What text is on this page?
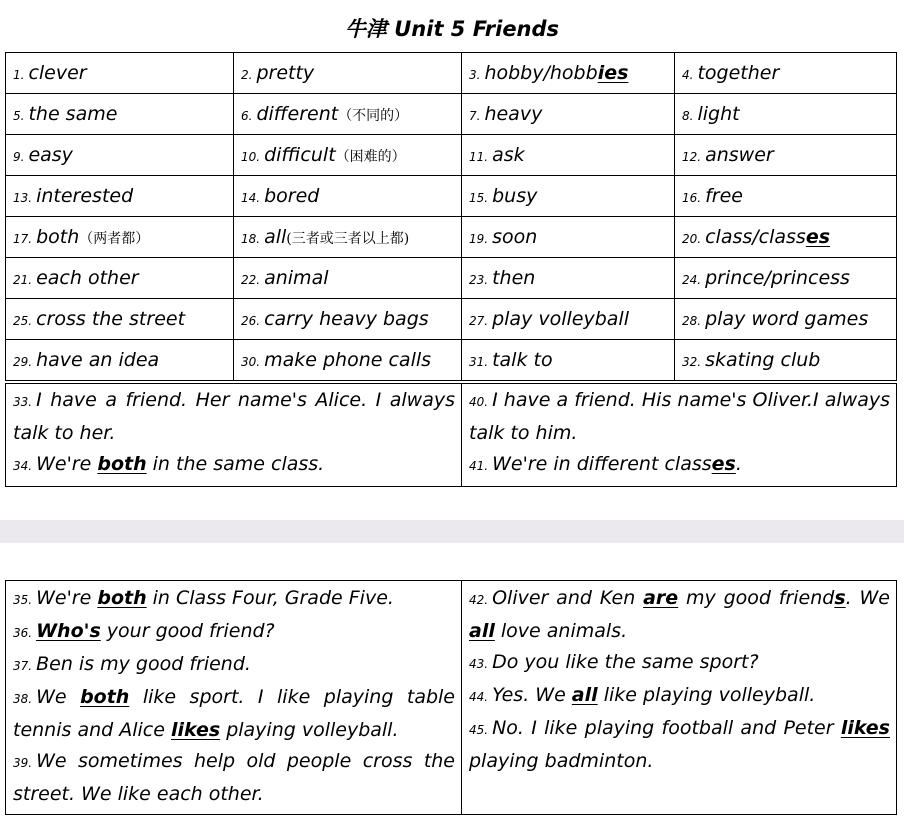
牛津 Unit 5 Friends
1. clever	2. pretty	3. hobby/hobbies	4. together
5. the same	6. different（不同的）	7. heavy	8. light
9. easy	10. difficult（困难的）	11. ask	12. answer
13. interested	14. bored	15. busy	16. free
17. both（两者都）	18. all(三者或三者以上都)	19. soon	20. class/classes
21. each other	22. animal	23. then	24. prince/princess
25. cross the street	26. carry heavy bags	27. play volleyball	28. play word games
29. have an idea	30. make phone calls	31. talk to	32. skating club
33. I have a friend. Her name's Alice. I always talk to her.
34. We're both in the same class.

40. I have a friend. His name's Oliver.I always talk to him.
41. We're in different classes.
35. We're both in Class Four, Grade Five.
36. Who's your good friend?
37. Ben is my good friend.
38. We both like sport. I like playing table tennis and Alice likes playing volleyball.
39. We sometimes help old people cross the street. We like each other.

42. Oliver and Ken are my good friends. We all love animals.
43. Do you like the same sport?
44. Yes. We all like playing volleyball.
45. No. I like playing football and Peter likes playing badminton.
